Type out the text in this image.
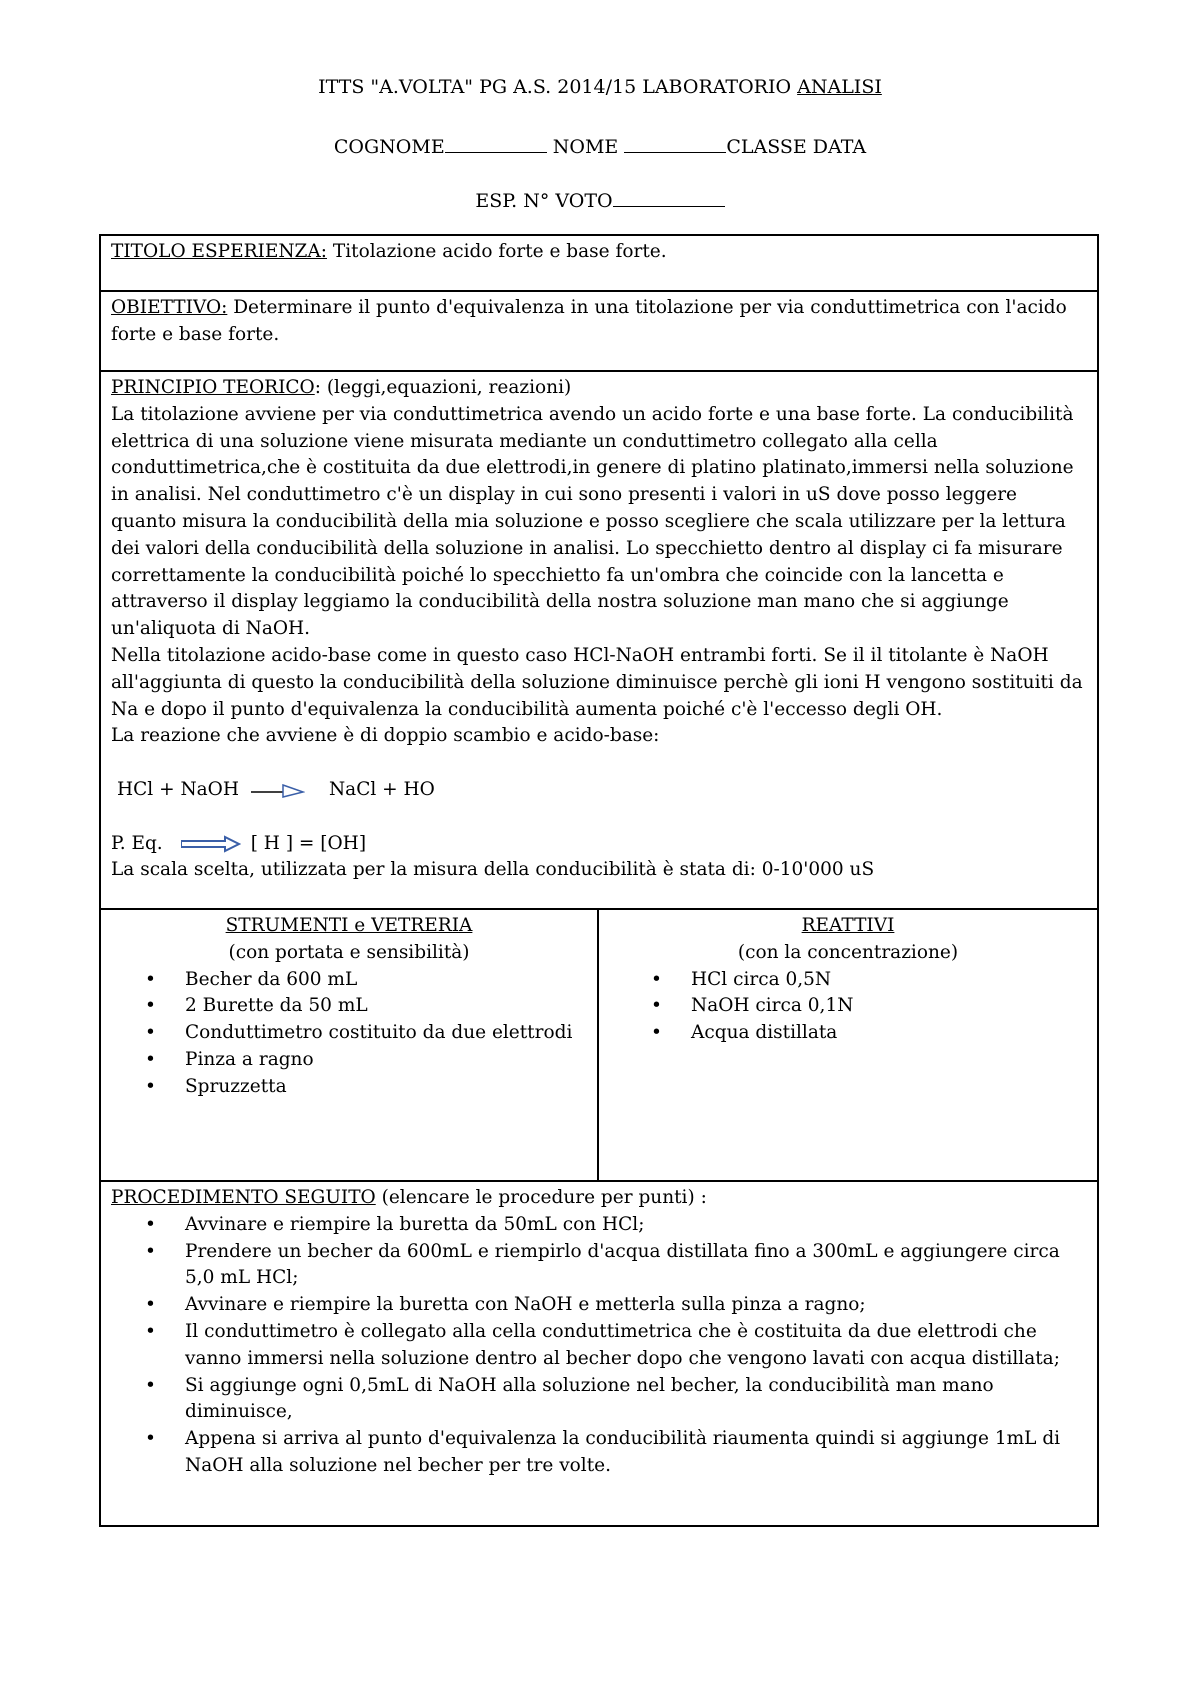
ITTS "A.VOLTA" PG A.S. 2014/15 LABORATORIO ANALISI
COGNOME	NOME	CLASSE DATA
ESP. N° VOTO
TITOLO ESPERIENZA: Titolazione acido forte e base forte.
OBIETTIVO: Determinare il punto d'equivalenza in una titolazione per via conduttimetrica con l'acido forte e base forte.
PRINCIPIO TEORICO: (leggi,equazioni, reazioni)
La titolazione avviene per via conduttimetrica avendo un acido forte e una base forte. La conducibilità elettrica di una soluzione viene misurata mediante un conduttimetro collegato alla cella conduttimetrica,che è costituita da due elettrodi,in genere di platino platinato,immersi nella soluzione in analisi. Nel conduttimetro c'è un display in cui sono presenti i valori in uS dove posso leggere quanto misura la conducibilità della mia soluzione e posso scegliere che scala utilizzare per la lettura dei valori della conducibilità della soluzione in analisi. Lo specchietto dentro al display ci fa misurare correttamente la conducibilità poiché lo specchietto fa un'ombra che coincide con la lancetta e attraverso il display leggiamo la conducibilità della nostra soluzione man mano che si aggiunge un'aliquota di NaOH.
Nella titolazione acido-base come in questo caso HCl-NaOH entrambi forti. Se il il titolante è NaOH all'aggiunta di questo la conducibilità della soluzione diminuisce perchè gli ioni H vengono sostituiti da Na e dopo il punto d'equivalenza la conducibilità aumenta poiché c'è l'eccesso degli OH.
La reazione che avviene è di doppio scambio e acido-base:
HCl + NaOH	NaCl + HO
P. Eq.	[ H ] = [OH]
La scala scelta, utilizzata per la misura della conducibilità è stata di: 0-10'000 uS
STRUMENTI e VETRERIA
(con portata e sensibilità)
• Becher da 600 mL
• 2 Burette da 50 mL
• Conduttimetro costituito da due elettrodi
• Pinza a ragno
• Spruzzetta
REATTIVI
(con la concentrazione)
• HCl circa 0,5N
• NaOH circa 0,1N
• Acqua distillata
PROCEDIMENTO SEGUITO (elencare le procedure per punti) :
• Avvinare e riempire la buretta da 50mL con HCl;
• Prendere un becher da 600mL e riempirlo d'acqua distillata fino a 300mL e aggiungere circa 5,0 mL HCl;
• Avvinare e riempire la buretta con NaOH e metterla sulla pinza a ragno;
• Il conduttimetro è collegato alla cella conduttimetrica che è costituita da due elettrodi che vanno immersi nella soluzione dentro al becher dopo che vengono lavati con acqua distillata;
• Si aggiunge ogni 0,5mL di NaOH alla soluzione nel becher, la conducibilità man mano diminuisce,
• Appena si arriva al punto d'equivalenza la conducibilità riaumenta quindi si aggiunge 1mL di NaOH alla soluzione nel becher per tre volte.
